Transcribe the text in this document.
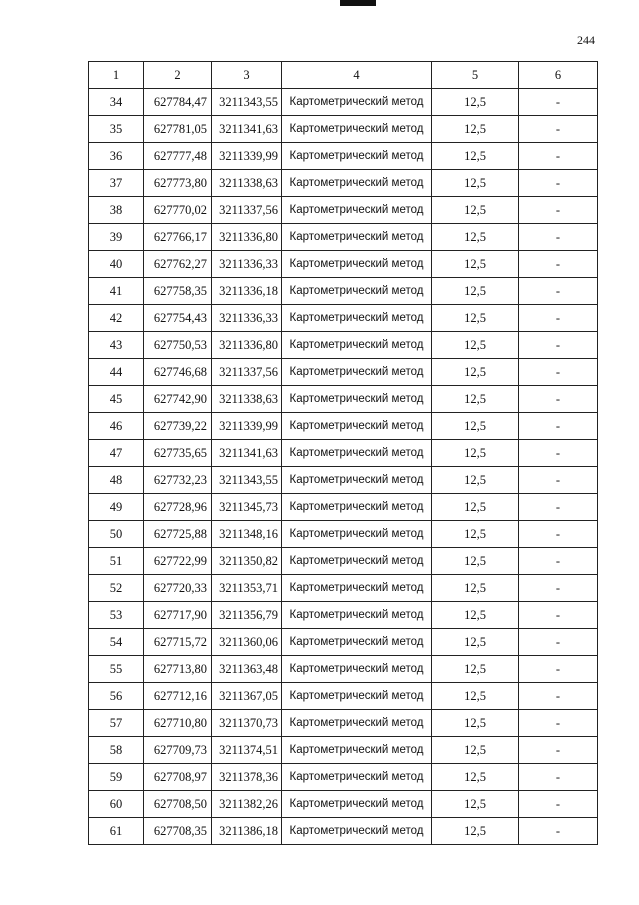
244
1	2	3	4	5	6
34	627784,47	3211343,55	Картометрический метод	12,5	-
35	627781,05	3211341,63	Картометрический метод	12,5	-
36	627777,48	3211339,99	Картометрический метод	12,5	-
37	627773,80	3211338,63	Картометрический метод	12,5	-
38	627770,02	3211337,56	Картометрический метод	12,5	-
39	627766,17	3211336,80	Картометрический метод	12,5	-
40	627762,27	3211336,33	Картометрический метод	12,5	-
41	627758,35	3211336,18	Картометрический метод	12,5	-
42	627754,43	3211336,33	Картометрический метод	12,5	-
43	627750,53	3211336,80	Картометрический метод	12,5	-
44	627746,68	3211337,56	Картометрический метод	12,5	-
45	627742,90	3211338,63	Картометрический метод	12,5	-
46	627739,22	3211339,99	Картометрический метод	12,5	-
47	627735,65	3211341,63	Картометрический метод	12,5	-
48	627732,23	3211343,55	Картометрический метод	12,5	-
49	627728,96	3211345,73	Картометрический метод	12,5	-
50	627725,88	3211348,16	Картометрический метод	12,5	-
51	627722,99	3211350,82	Картометрический метод	12,5	-
52	627720,33	3211353,71	Картометрический метод	12,5	-
53	627717,90	3211356,79	Картометрический метод	12,5	-
54	627715,72	3211360,06	Картометрический метод	12,5	-
55	627713,80	3211363,48	Картометрический метод	12,5	-
56	627712,16	3211367,05	Картометрический метод	12,5	-
57	627710,80	3211370,73	Картометрический метод	12,5	-
58	627709,73	3211374,51	Картометрический метод	12,5	-
59	627708,97	3211378,36	Картометрический метод	12,5	-
60	627708,50	3211382,26	Картометрический метод	12,5	-
61	627708,35	3211386,18	Картометрический метод	12,5	-
